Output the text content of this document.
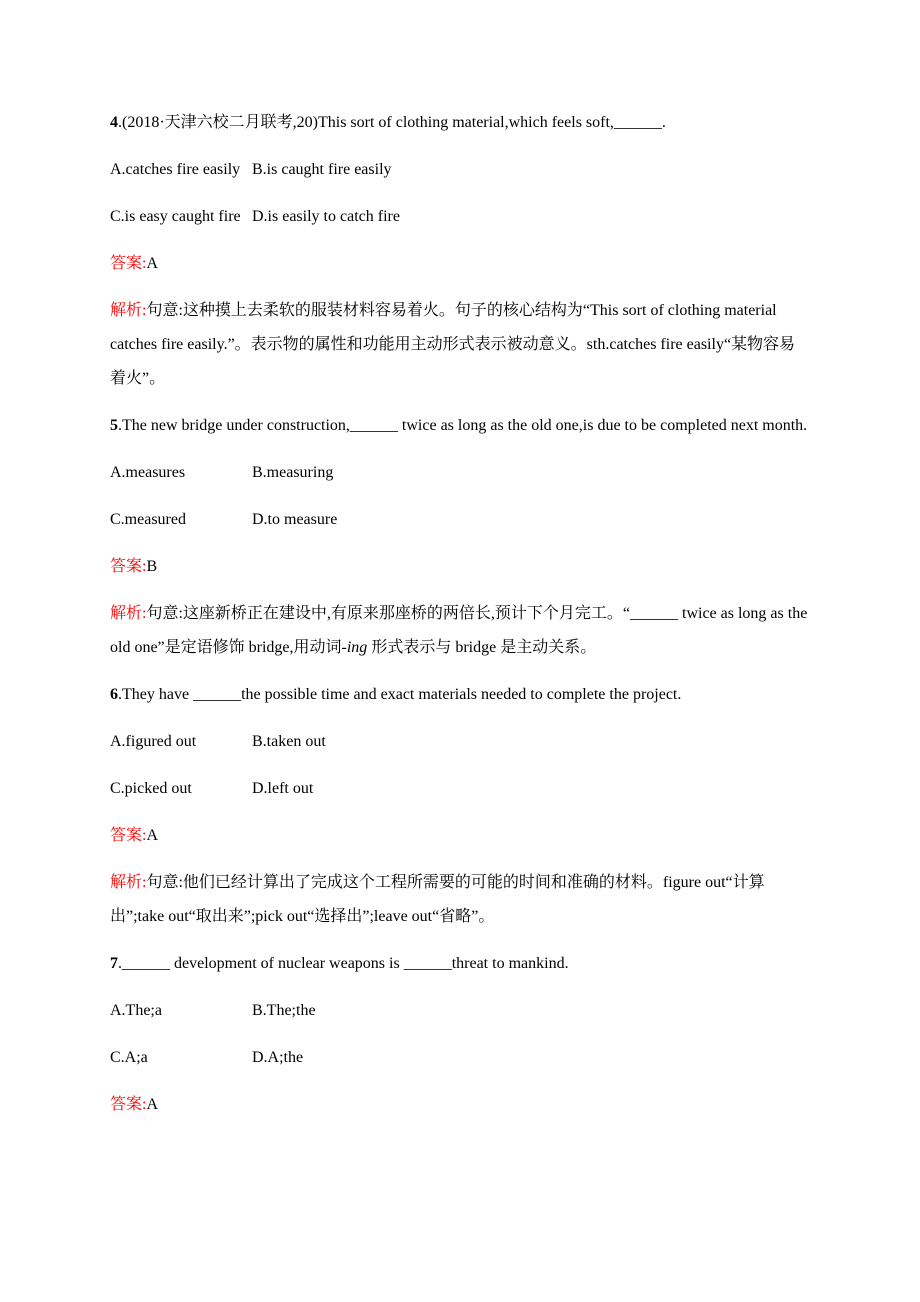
4.(2018·天津六校二月联考,20)This sort of clothing material,which feels soft,______.

A.catches fire easily B.is caught fire easily

C.is easy caught fire D.is easily to catch fire

答案:A

解析:句意:这种摸上去柔软的服装材料容易着火。句子的核心结构为“This sort of clothing material catches fire easily.”。表示物的属性和功能用主动形式表示被动意义。sth.catches fire easily“某物容易着火”。

5.The new bridge under construction,______ twice as long as the old one,is due to be completed next month.

A.measures	B.measuring

C.measured	D.to measure

答案:B

解析:句意:这座新桥正在建设中,有原来那座桥的两倍长,预计下个月完工。“______ twice as long as the old one”是定语修饰 bridge,用动词-ing 形式表示与 bridge 是主动关系。

6.They have ______the possible time and exact materials needed to complete the project.

A.figured out	B.taken out

C.picked out	D.left out

答案:A

解析:句意:他们已经计算出了完成这个工程所需要的可能的时间和准确的材料。figure out“计算出”;take out“取出来”;pick out“选择出”;leave out“省略”。

7.______ development of nuclear weapons is ______threat to mankind.

A.The;a	B.The;the

C.A;a	D.A;the

答案:A
